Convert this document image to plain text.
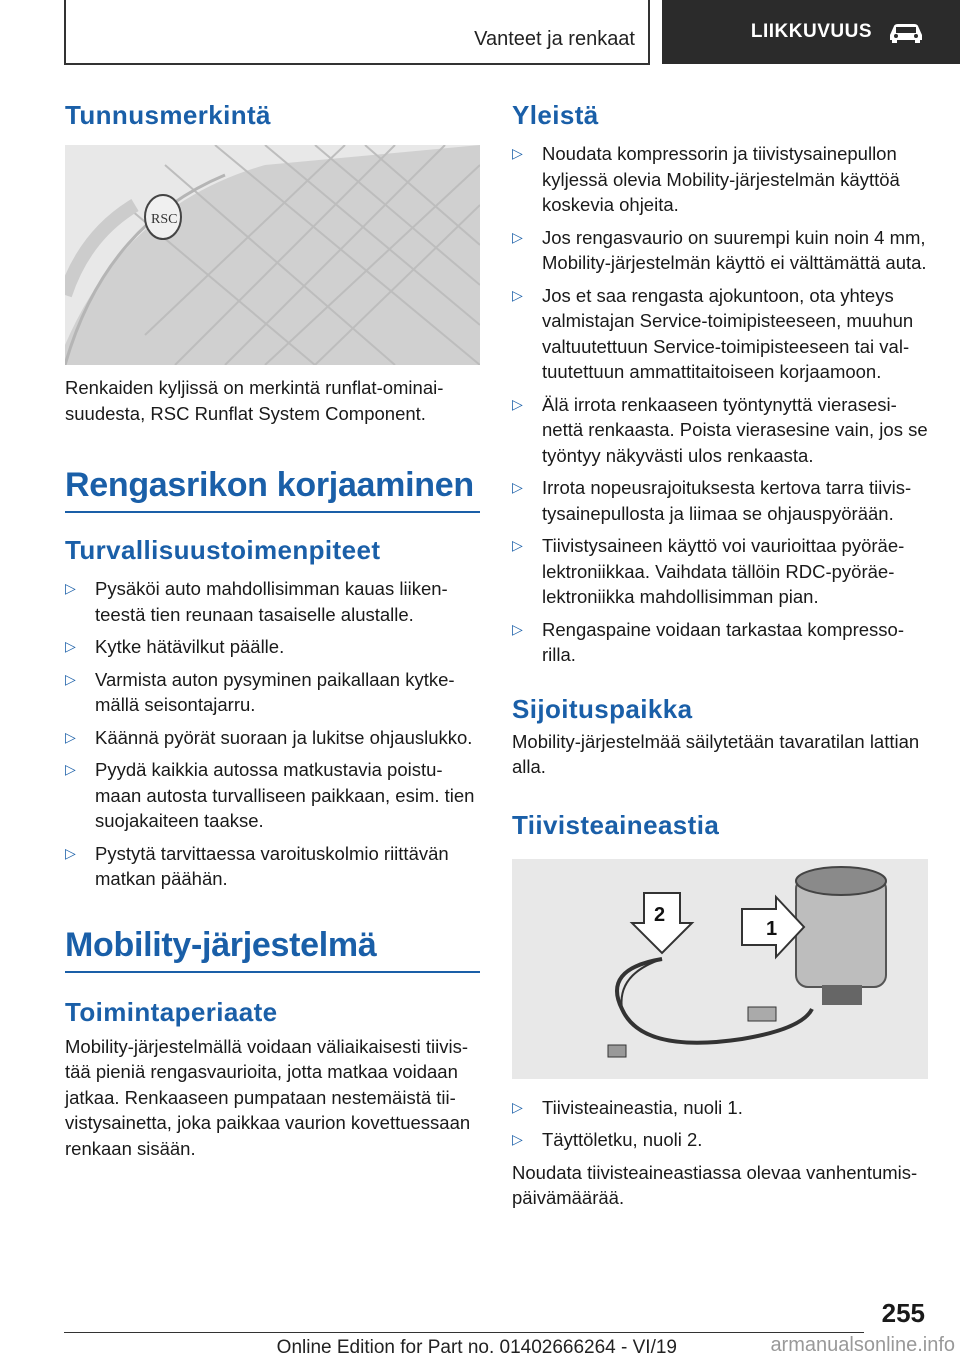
Vanteet ja renkaat	LIIKKUVUUS
Tunnusmerkintä
RSC

Renkaiden kyljissä on merkintä runflat-ominaisuudesta, RSC Runflat System Component.

Rengasrikon korjaaminen
Turvallisuustoimenpiteet
▷ Pysäköi auto mahdollisimman kauas liikenteestä tien reunaan tasaiselle alustalle.
▷ Kytke hätävilkut päälle.
▷ Varmista auton pysyminen paikallaan kytkemällä seisontajarru.
▷ Käännä pyörät suoraan ja lukitse ohjauslukko.
▷ Pyydä kaikkia autossa matkustavia poistumaan autosta turvalliseen paikkaan, esim. tien suojakaiteen taakse.
▷ Pystytä tarvittaessa varoituskolmio riittävän matkan päähän.
Mobility-järjestelmä
Toimintaperiaate

Mobility-järjestelmällä voidaan väliaikaisesti tiivistää pieniä rengasvaurioita, jotta matkaa voidaan jatkaa. Renkaaseen pumpataan nestemäistä tiivistysainetta, joka paikkaa vaurion kovettuessaan renkaan sisään.

Yleistä
▷ Noudata kompressorin ja tiivistysainepullon kyljessä olevia Mobility-järjestelmän käyttöä koskevia ohjeita.
▷ Jos rengasvaurio on suurempi kuin noin 4 mm, Mobility-järjestelmän käyttö ei välttämättä auta.
▷ Jos et saa rengasta ajokuntoon, ota yhteys valmistajan Service-toimipisteeseen, muuhun valtuutettuun Service-toimipisteeseen tai valtuutettuun ammattitaitoiseen korjaamoon.
▷ Älä irrota renkaaseen työntynyttä vierasesinettä renkaasta. Poista vierasesine vain, jos se työntyy näkyvästi ulos renkaasta.
▷ Irrota nopeusrajoituksesta kertova tarra tiivistysainepullosta ja liimaa se ohjauspyörään.
▷ Tiivistysaineen käyttö voi vaurioittaa pyöräelektroniikkaa. Vaihdata tällöin RDC-pyöräelektroniikka mahdollisimman pian.
▷ Rengaspaine voidaan tarkastaa kompressorilla.
Sijoituspaikka

Mobility-järjestelmää säilytetään tavaratilan lattian alla.

Tiivisteaineastia
1
2
▷ Tiivisteaineastia, nuoli 1.
▷ Täyttöletku, nuoli 2.

Noudata tiivisteaineastiassa olevaa vanhentumispäivämäärää.

255
Online Edition for Part no. 01402666264 - VI/19	armanualsonline.info
